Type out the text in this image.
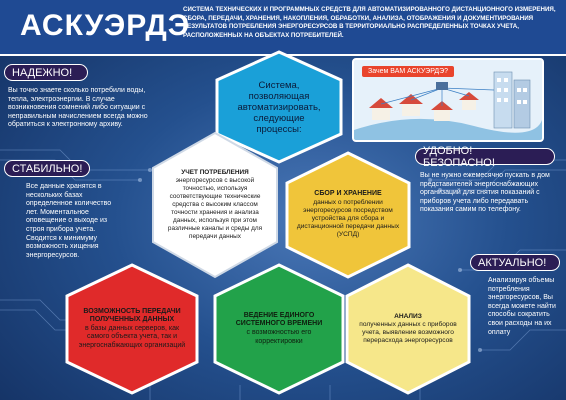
АСКУЭРДЭ
СИСТЕМА ТЕХНИЧЕСКИХ И ПРОГРАММНЫХ СРЕДСТВ ДЛЯ АВТОМАТИЗИРОВАННОГО ДИСТАНЦИОННОГО ИЗМЕРЕНИЯ, СБОРА, ПЕРЕДАЧИ, ХРАНЕНИЯ, НАКОПЛЕНИЯ, ОБРАБОТКИ, АНАЛИЗА, ОТОБРАЖЕНИЯ И ДОКУМЕНТИРОВАНИЯ РЕЗУЛЬТАТОВ ПОТРЕБЛЕНИЯ ЭНЕРГОРЕСУРСОВ В ТЕРРИТОРИАЛЬНО РАСПРЕДЕЛЕННЫХ ТОЧКАХ УЧЕТА, РАСПОЛОЖЕННЫХ НА ОБЪЕКТАХ ПОТРЕБИТЕЛЕЙ.
НАДЕЖНО!
Вы точно знаете сколько потребили воды, тепла, электроэнергии. В случае возникновения сомнений либо ситуации с неправильным начислением всегда можно обратиться к электронному архиву.
СТАБИЛЬНО!
Все данные хранятся в нескольких базах определенное количество лет. Моментальное оповещение о выходе из строя прибора учета. Сводится к минимуму возможность хищения энергоресурсов.
УДОБНО! БЕЗОПАСНО!
Вы не нужно ежемесячно пускать в дом представителей энергоснабжающих организаций для снятия показаний с приборов учета либо передавать показания самим по телефону.
АКТУАЛЬНО!
Анализируя объемы потребления энергоресурсов, Вы всегда можете найти способы сократить свои расходы на их оплату
Зачем ВАМ АСКУЭРДЭ?
Система, позволяющая автоматизировать, следующие процессы:
УЧЕТ ПОТРЕБЛЕНИЯ
энергоресурсов с высокой точностью, используя соответствующие технические средства с высоким классом точности хранения и анализа данных, используя при этом различные каналы и среды для передачи данных
СБОР И ХРАНЕНИЕ
данных о потреблении энергоресурсов посредством устройства для сбора и дистанционной передачи данных (УСПД)
ВОЗМОЖНОСТЬ ПЕРЕДАЧИ ПОЛУЧЕННЫХ ДАННЫХ
в базы данных серверов, как самого объекта учета, так и энергоснабжающих организаций
ВЕДЕНИЕ ЕДИНОГО СИСТЕМНОГО ВРЕМЕНИ
с возможностью его корректировки
АНАЛИЗ
полученных данных с приборов учета, выявление возможного перерасхода энергоресурсов
